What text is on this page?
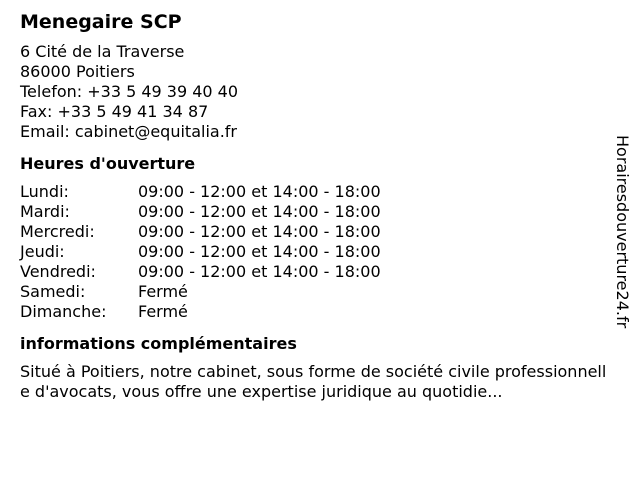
Menegaire SCP
6 Cité de la Traverse
86000 Poitiers
Telefon: +33 5 49 39 40 40
Fax: +33 5 49 41 34 87
Email: cabinet@equitalia.fr
Heures d'ouverture
Lundi:	09:00 - 12:00 et 14:00 - 18:00
Mardi:	09:00 - 12:00 et 14:00 - 18:00
Mercredi:	09:00 - 12:00 et 14:00 - 18:00
Jeudi:	09:00 - 12:00 et 14:00 - 18:00
Vendredi:	09:00 - 12:00 et 14:00 - 18:00
Samedi:	Fermé
Dimanche:	Fermé
informations complémentaires
Situé à Poitiers, notre cabinet, sous forme de société civile professionnelle d'avocats, vous offre une expertise juridique au quotidie...
Horairesdouverture24.fr
